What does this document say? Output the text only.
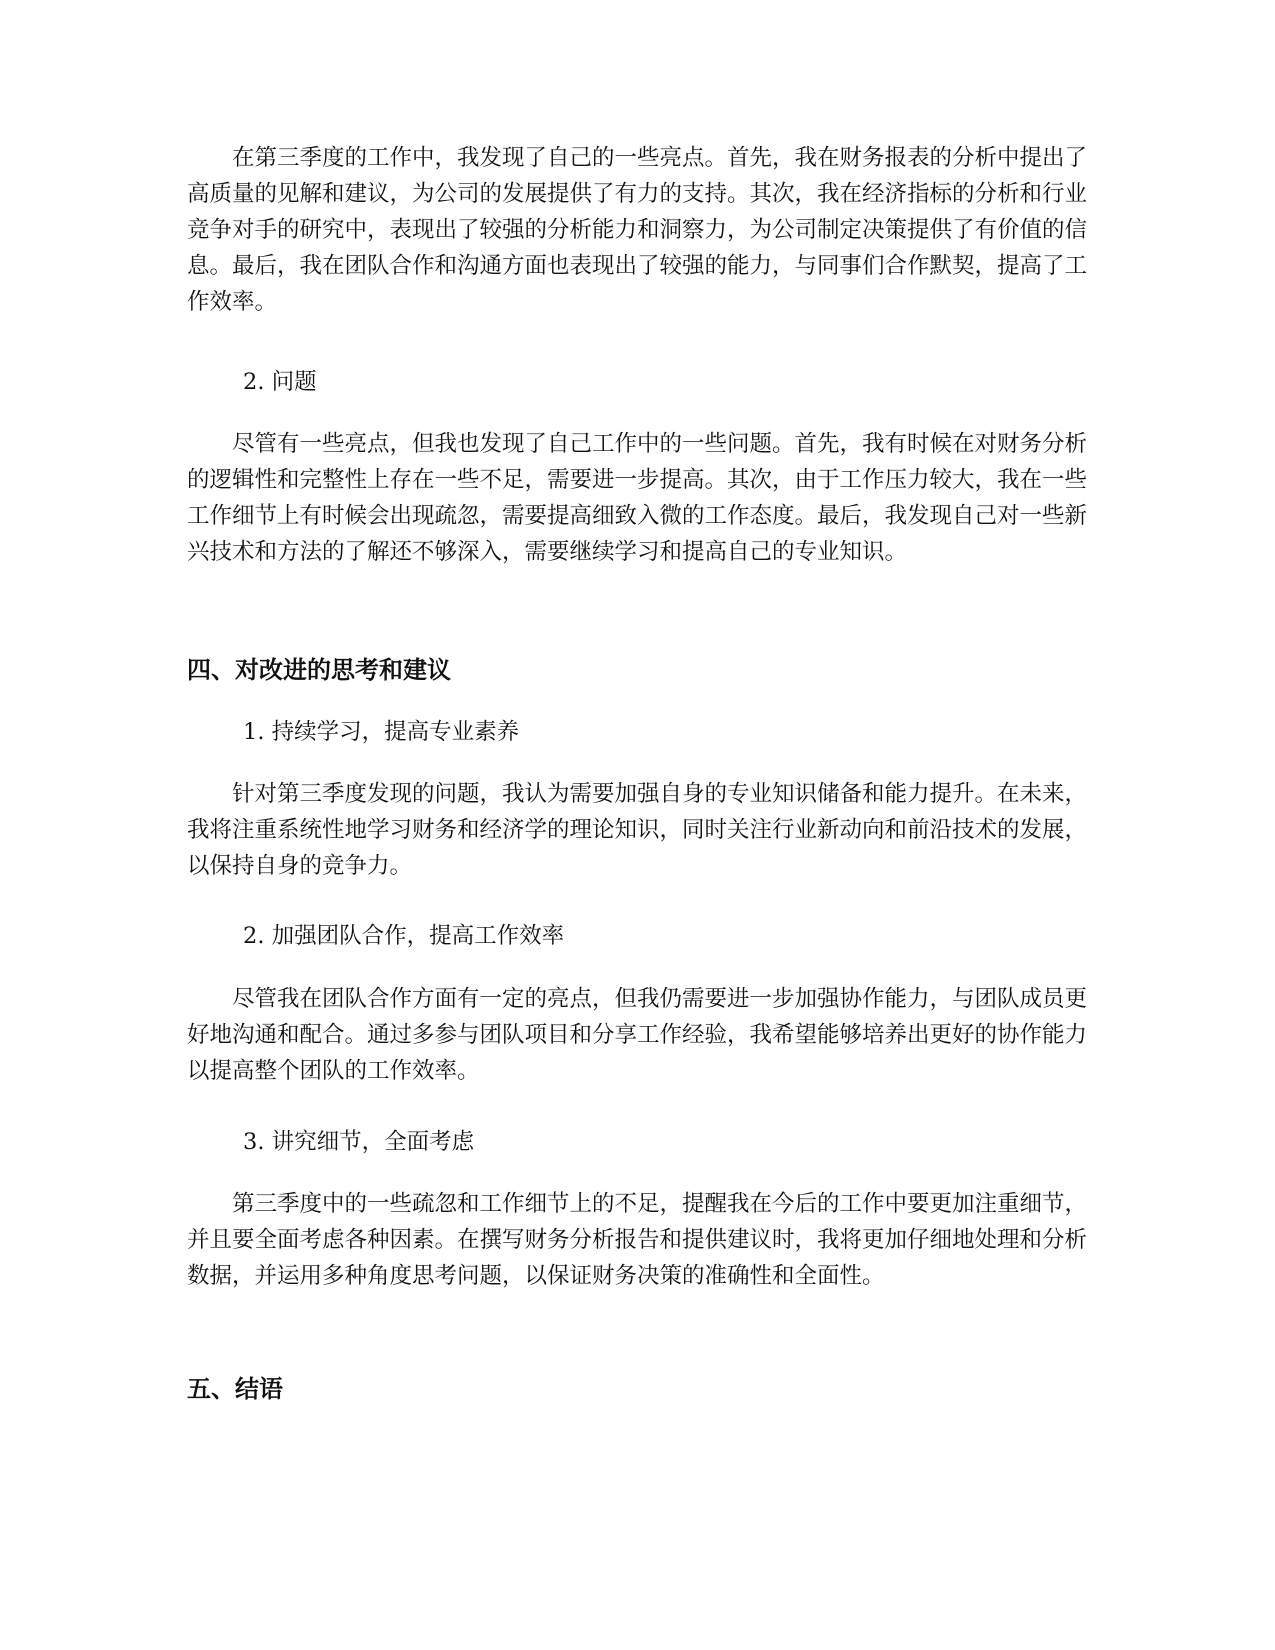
在第三季度的工作中，我发现了自己的一些亮点。首先，我在财务报表的分析中提出了高质量的见解和建议，为公司的发展提供了有力的支持。其次，我在经济指标的分析和行业竞争对手的研究中，表现出了较强的分析能力和洞察力，为公司制定决策提供了有价值的信息。最后，我在团队合作和沟通方面也表现出了较强的能力，与同事们合作默契，提高了工作效率。

2. 问题

尽管有一些亮点，但我也发现了自己工作中的一些问题。首先，我有时候在对财务分析的逻辑性和完整性上存在一些不足，需要进一步提高。其次，由于工作压力较大，我在一些工作细节上有时候会出现疏忽，需要提高细致入微的工作态度。最后，我发现自己对一些新兴技术和方法的了解还不够深入，需要继续学习和提高自己的专业知识。

四、对改进的思考和建议

1. 持续学习，提高专业素养

针对第三季度发现的问题，我认为需要加强自身的专业知识储备和能力提升。在未来，我将注重系统性地学习财务和经济学的理论知识，同时关注行业新动向和前沿技术的发展，以保持自身的竞争力。

2. 加强团队合作，提高工作效率

尽管我在团队合作方面有一定的亮点，但我仍需要进一步加强协作能力，与团队成员更好地沟通和配合。通过多参与团队项目和分享工作经验，我希望能够培养出更好的协作能力以提高整个团队的工作效率。

3. 讲究细节，全面考虑

第三季度中的一些疏忽和工作细节上的不足，提醒我在今后的工作中要更加注重细节，并且要全面考虑各种因素。在撰写财务分析报告和提供建议时，我将更加仔细地处理和分析数据，并运用多种角度思考问题，以保证财务决策的准确性和全面性。

五、结语
